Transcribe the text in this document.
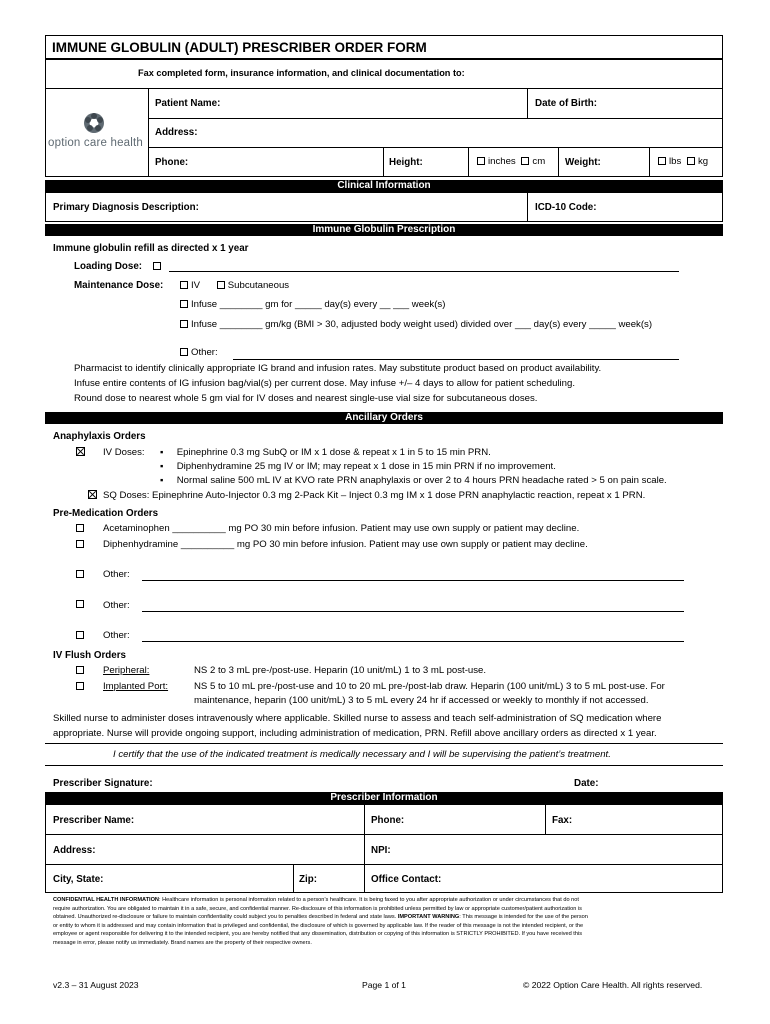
IMMUNE GLOBULIN (ADULT) PRESCRIBER ORDER FORM
Fax completed form, insurance information, and clinical documentation to:
option care health
Patient Name:	Date of Birth:
Address:
Phone:	Height:	inches cm Weight:	lbs kg
Clinical Information
Primary Diagnosis Description:	ICD-10 Code:
Immune Globulin Prescription
Immune globulin refill as directed x 1 year
Loading Dose:
Maintenance Dose:	IV	Subcutaneous
Infuse ________ gm for _____ day(s) every __ ___ week(s)
Infuse ________ gm/kg (BMI > 30, adjusted body weight used) divided over ___ day(s) every _____ week(s)
Other:
Pharmacist to identify clinically appropriate IG brand and infusion rates. May substitute product based on product availability.
Infuse entire contents of IG infusion bag/vial(s) per current dose. May infuse +/– 4 days to allow for patient scheduling.
Round dose to nearest whole 5 gm vial for IV doses and nearest single-use vial size for subcutaneous doses.
Ancillary Orders
Anaphylaxis Orders

IV Doses: ▪     Epinephrine 0.3 mg SubQ or IM x 1 dose & repeat x 1 in 5 to 15 min PRN.
▪     Diphenhydramine 25 mg IV or IM; may repeat x 1 dose in 15 min PRN if no improvement.
▪     Normal saline 500 mL IV at KVO rate PRN anaphylaxis or over 2 to 4 hours PRN headache rated > 5 on pain scale.
SQ Doses: Epinephrine Auto-Injector 0.3 mg 2-Pack Kit – Inject 0.3 mg IM x 1 dose PRN anaphylactic reaction, repeat x 1 PRN.
Pre-Medication Orders
Acetaminophen __________ mg PO 30 min before infusion. Patient may use own supply or patient may decline.
Diphenhydramine __________ mg PO 30 min before infusion. Patient may use own supply or patient may decline.
Other:
Other:
Other:
IV Flush Orders
Peripheral:	NS 2 to 3 mL pre-/post-use. Heparin (10 unit/mL) 1 to 3 mL post-use.
Implanted Port:	NS 5 to 10 mL pre-/post-use and 10 to 20 mL pre-/post-lab draw. Heparin (100 unit/mL) 3 to 5 mL post-use. For
maintenance, heparin (100 unit/mL) 3 to 5 mL every 24 hr if accessed or weekly to monthly if not accessed.
Skilled nurse to administer doses intravenously where applicable. Skilled nurse to assess and teach self-administration of SQ medication where
appropriate. Nurse will provide ongoing support, including administration of medication, PRN. Refill above ancillary orders as directed x 1 year.
I certify that the use of the indicated treatment is medically necessary and I will be supervising the patient’s treatment.
Prescriber Signature:	Date:
Prescriber Information
Prescriber Name:	Phone:	Fax:
Address:	NPI:
City, State:	Zip:	Office Contact:
CONFIDENTIAL HEALTH INFORMATION: Healthcare information is personal information related to a person’s healthcare. It is being faxed to you after appropriate authorization or under circumstances that do not
require authorization. You are obligated to maintain it in a safe, secure, and confidential manner. Re-disclosure of this information is prohibited unless permitted by law or appropriate customer/patient authorization is
obtained. Unauthorized re-disclosure or failure to maintain confidentiality could subject you to penalties described in federal and state laws. IMPORTANT WARNING: This message is intended for the use of the person
or entity to whom it is addressed and may contain information that is privileged and confidential, the disclosure of which is governed by applicable law. If the reader of this message is not the intended recipient, or the
employee or agent responsible for delivering it to the intended recipient, you are hereby notified that any dissemination, distribution or copying of this information is STRICTLY PROHIBITED. If you have received this
message in error, please notify us immediately. Brand names are the property of their respective owners.
v2.3 – 31 August 2023	Page 1 of 1	© 2022 Option Care Health. All rights reserved.
